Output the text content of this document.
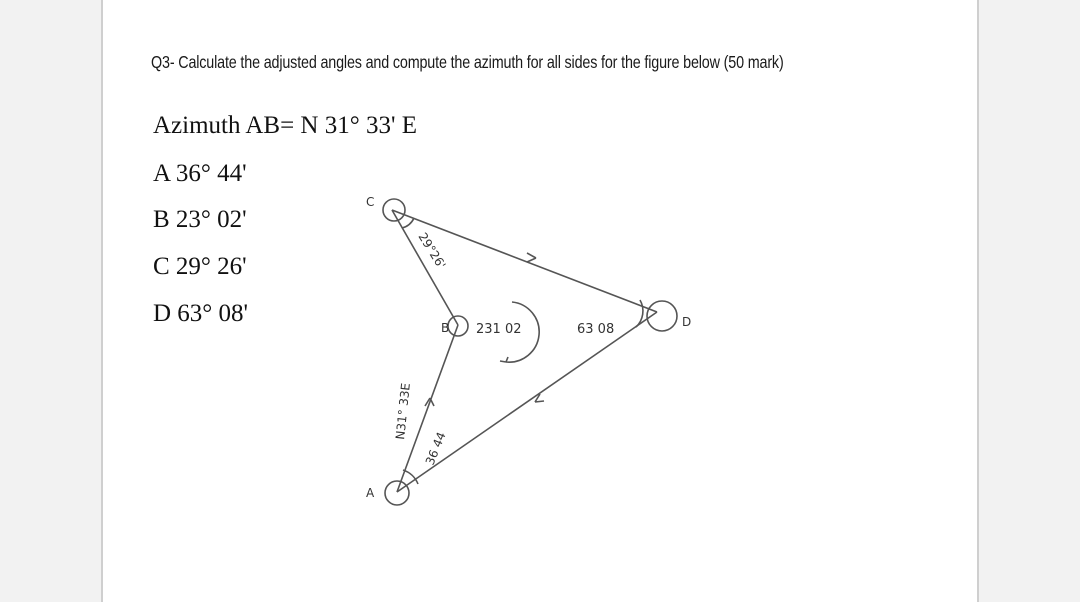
Q3- Calculate the adjusted angles and compute the azimuth for all sides for the figure below (50 mark)
Azimuth AB= N 31° 33' E
A 36° 44'
B 23° 02'
C 29° 26'
D 63° 08'
C
B	D
A
29°26'
231 02	63 08
36 44
N31° 33E
